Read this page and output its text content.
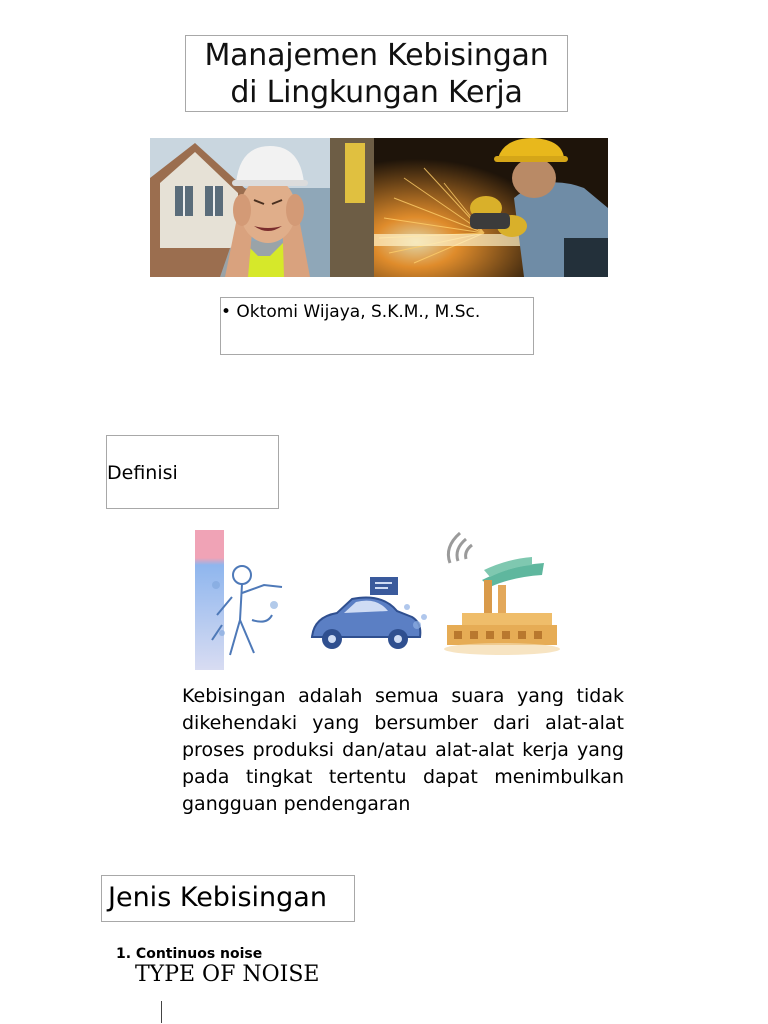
Manajemen Kebisingan
di Lingkungan Kerja
• Oktomi Wijaya, S.K.M., M.Sc.
Definisi
Kebisingan adalah semua suara yang tidak dikehendaki yang bersumber dari alat-alat proses produksi dan/atau alat-alat kerja yang pada tingkat tertentu dapat menimbulkan gangguan pendengaran
Jenis Kebisingan
1. Continuos noise
TYPE OF NOISE
